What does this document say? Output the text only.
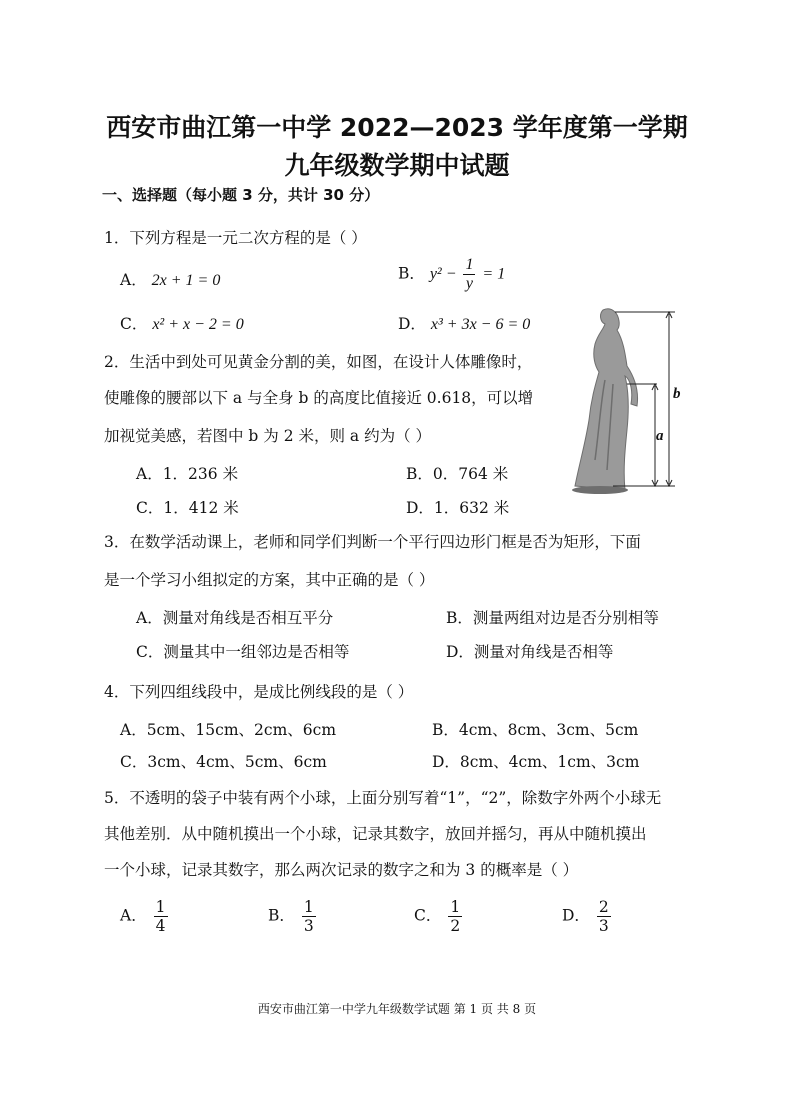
西安市曲江第一中学 2022—2023 学年度第一学期
九年级数学期中试题
一、选择题（每小题 3 分，共计 30 分）
1．下列方程是一元二次方程的是（ ）
A． 2x + 1 = 0	B． $y^2 - \frac{1}{y} = 1$
C． x² + x − 2 = 0	D． x³ + 3x − 6 = 0
2．生活中到处可见黄金分割的美，如图，在设计人体雕像时，
使雕像的腰部以下 a 与全身 b 的高度比值接近 0.618，可以增
加视觉美感，若图中 b 为 2 米，则 a 约为（ ）
A．1．236 米	B．0．764 米
C．1．412 米	D．1．632 米
b
a
3．在数学活动课上，老师和同学们判断一个平行四边形门框是否为矩形，下面
是一个学习小组拟定的方案，其中正确的是（ ）
A．测量对角线是否相互平分	B．测量两组对边是否分别相等
C．测量其中一组邻边是否相等	D．测量对角线是否相等
4．下列四组线段中，是成比例线段的是（ ）
A．5cm、15cm、2cm、6cm	B．4cm、8cm、3cm、5cm
C．3cm、4cm、5cm、6cm	D．8cm、4cm、1cm、3cm
5．不透明的袋子中装有两个小球，上面分别写着“1”，“2”，除数字外两个小球无
其他差别．从中随机摸出一个小球，记录其数字，放回并摇匀，再从中随机摸出
一个小球，记录其数字，那么两次记录的数字之和为 3 的概率是（ ）
A． $\frac{1}{4}$	B． $\frac{1}{3}$	C． $\frac{1}{2}$	D． $\frac{2}{3}$
西安市曲江第一中学九年级数学试题 第 1 页 共 8 页
